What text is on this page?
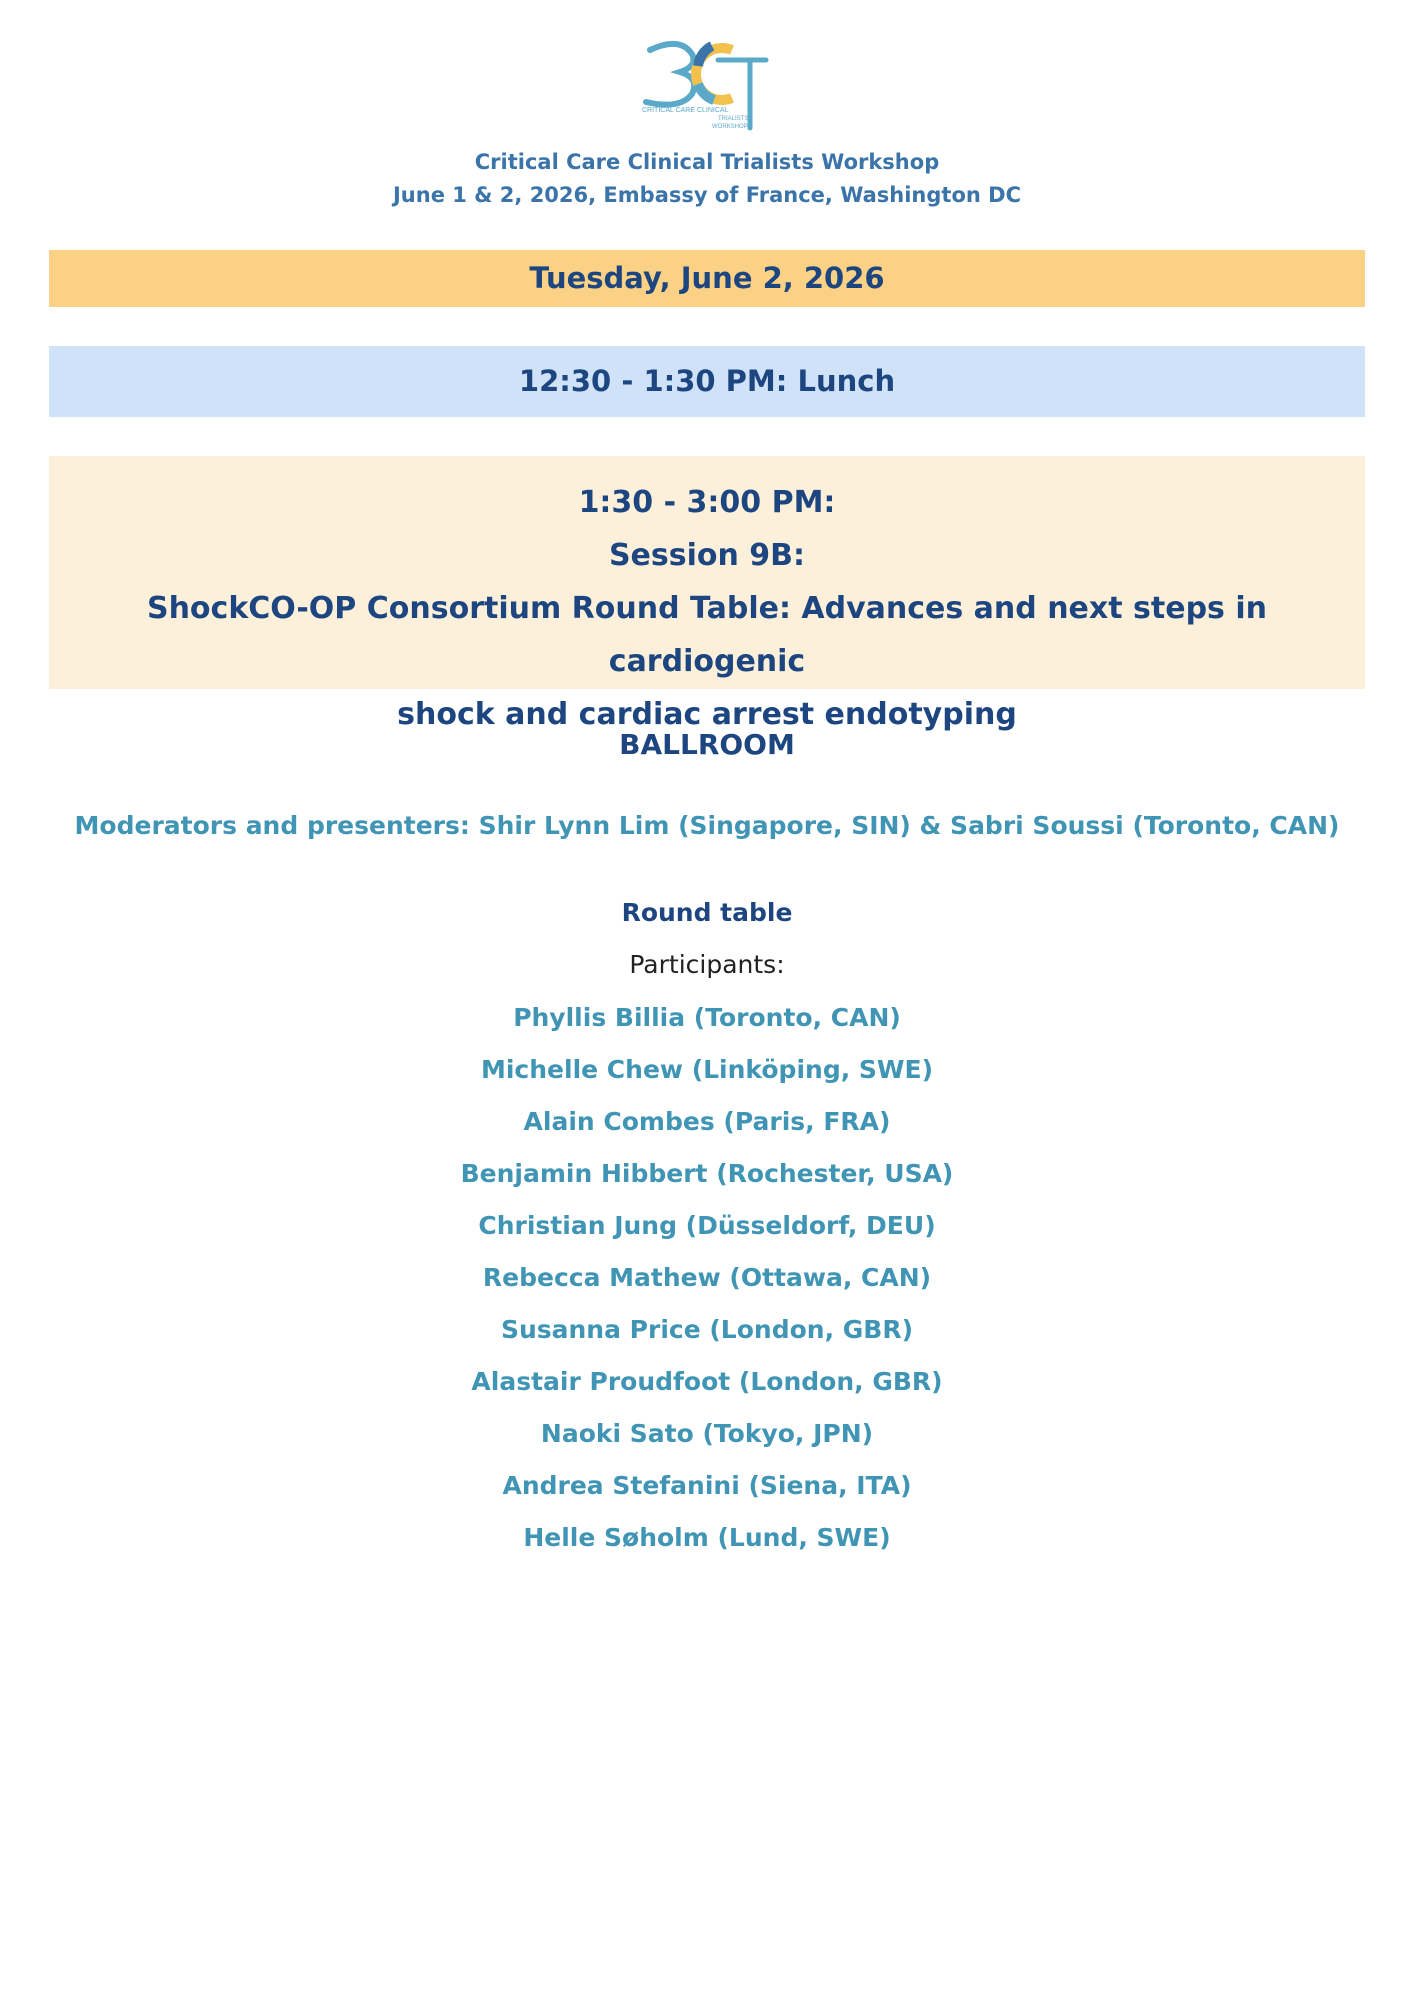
CRITICAL CARE CLINICAL
TRIALISTS
WORKSHOP
Critical Care Clinical Trialists Workshop
June 1 & 2, 2026, Embassy of France, Washington DC
Tuesday, June 2, 2026
12:30 - 1:30 PM: Lunch
1:30 - 3:00 PM:
Session 9B:
ShockCO-OP Consortium Round Table: Advances and next steps in cardiogenic
shock and cardiac arrest endotyping
BALLROOM
Moderators and presenters: Shir Lynn Lim (Singapore, SIN) & Sabri Soussi (Toronto, CAN)
Round table
Participants:
Phyllis Billia (Toronto, CAN)
Michelle Chew (Linköping, SWE)
Alain Combes (Paris, FRA)
Benjamin Hibbert (Rochester, USA)
Christian Jung (Düsseldorf, DEU)
Rebecca Mathew (Ottawa, CAN)
Susanna Price (London, GBR)
Alastair Proudfoot (London, GBR)
Naoki Sato (Tokyo, JPN)
Andrea Stefanini (Siena, ITA)
Helle Søholm (Lund, SWE)
